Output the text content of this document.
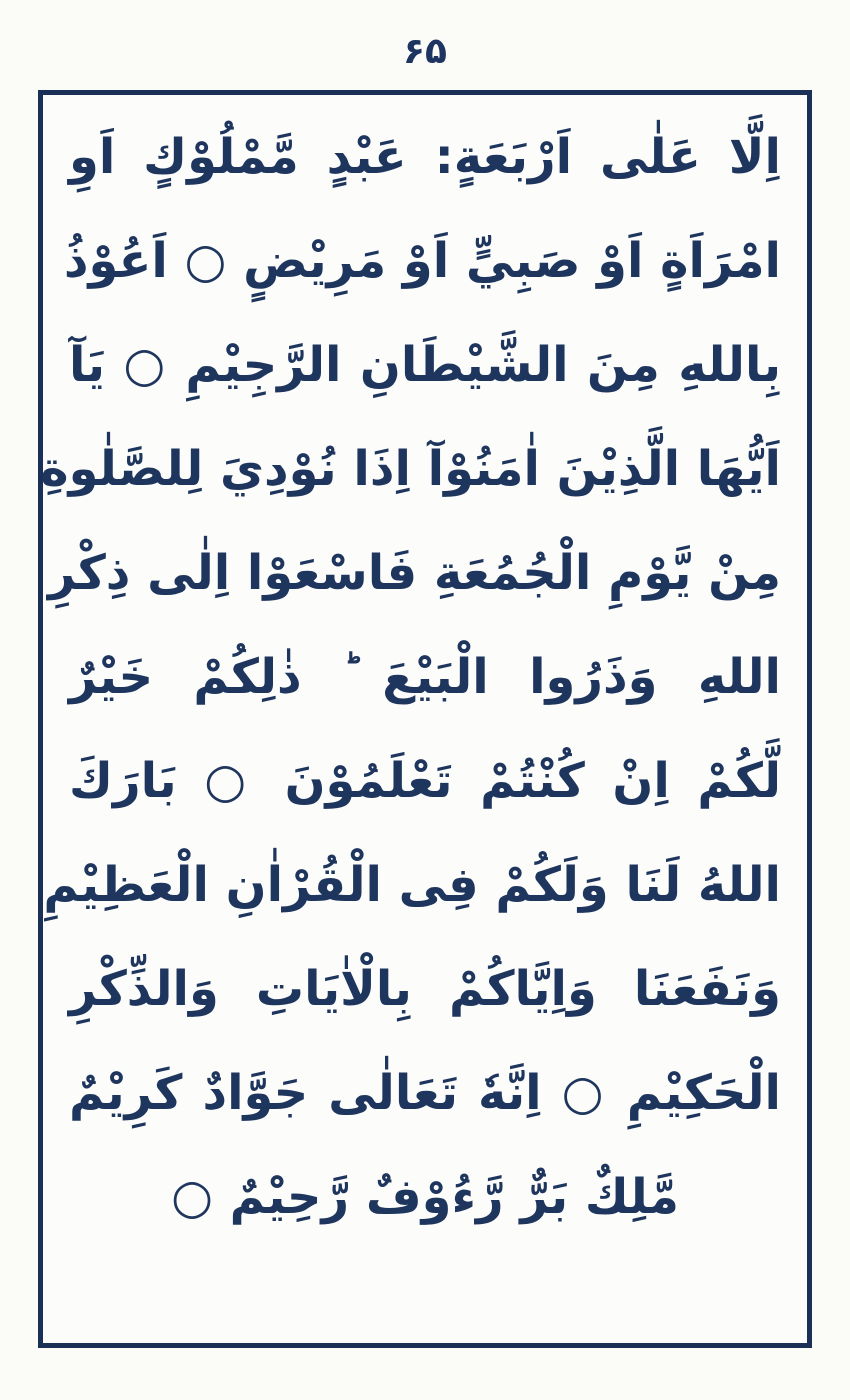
۶۵
اِلَّا عَلٰى اَرْبَعَةٍ: عَبْدٍ مَّمْلُوْكٍ اَوِ
امْرَاَةٍ اَوْ صَبِيٍّ اَوْ مَرِيْضٍ ○ اَعُوْذُ
بِاللهِ مِنَ الشَّيْطَانِ الرَّجِيْمِ ○ يَآ
اَيُّهَا الَّذِيْنَ اٰمَنُوْآ اِذَا نُوْدِيَ لِلصَّلٰوةِ
مِنْ يَّوْمِ الْجُمُعَةِ فَاسْعَوْا اِلٰى ذِكْرِ
اللهِ وَذَرُوا الْبَيْعَ ؕ ذٰلِكُمْ خَيْرٌ
لَّكُمْ اِنْ كُنْتُمْ تَعْلَمُوْنَ ○ بَارَكَ
اللهُ لَنَا وَلَكُمْ فِى الْقُرْاٰنِ الْعَظِيْمِ
وَنَفَعَنَا وَاِيَّاكُمْ بِالْاٰيَاتِ وَالذِّكْرِ
الْحَكِيْمِ ○ اِنَّهٗ تَعَالٰى جَوَّادٌ كَرِيْمٌ
مَّلِكٌ بَرٌّ رَّءُوْفٌ رَّحِيْمٌ ○
